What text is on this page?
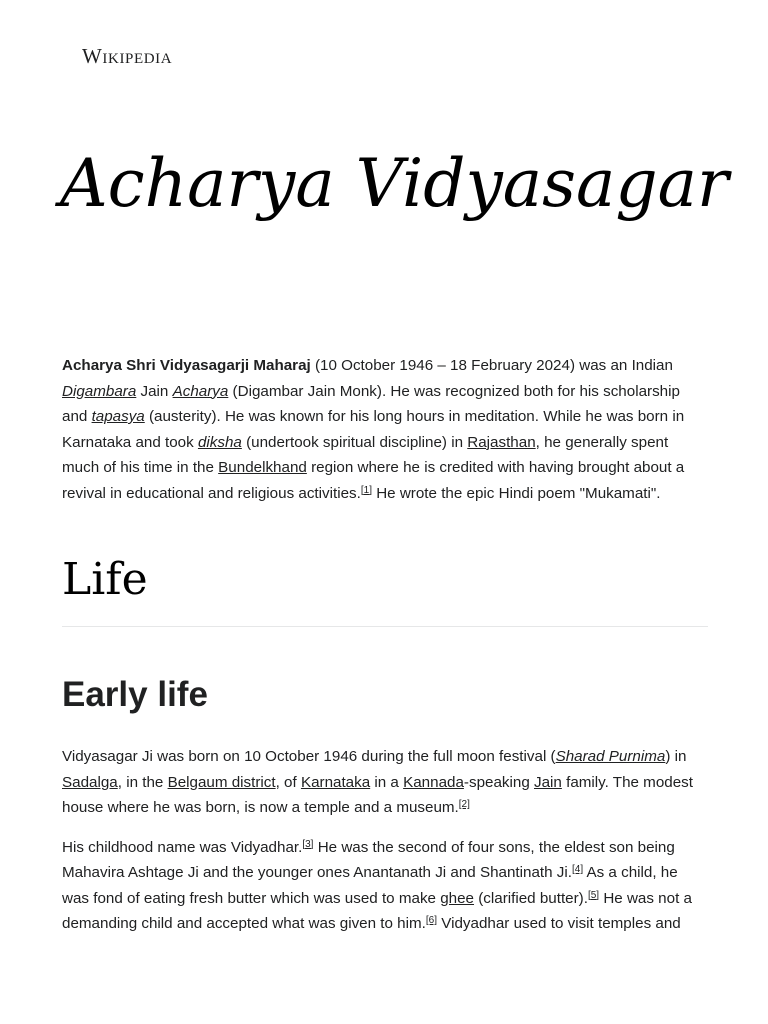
Wikipedia
Acharya Vidyasagar

Acharya Shri Vidyasagarji Maharaj (10 October 1946 – 18 February 2024) was an Indian Digambara Jain Acharya (Digambar Jain Monk). He was recognized both for his scholarship and tapasya (austerity). He was known for his long hours in meditation. While he was born in Karnataka and took diksha (undertook spiritual discipline) in Rajasthan, he generally spent much of his time in the Bundelkhand region where he is credited with having brought about a revival in educational and religious activities.[1] He wrote the epic Hindi poem "Mukamati".

Life
Early life

Vidyasagar Ji was born on 10 October 1946 during the full moon festival (Sharad Purnima) in Sadalga, in the Belgaum district, of Karnataka in a Kannada-speaking Jain family. The modest house where he was born, is now a temple and a museum.[2]

His childhood name was Vidyadhar.[3] He was the second of four sons, the eldest son being Mahavira Ashtage Ji and the younger ones Anantanath Ji and Shantinath Ji.[4] As a child, he was fond of eating fresh butter which was used to make ghee (clarified butter).[5] He was not a demanding child and accepted what was given to him.[6] Vidyadhar used to visit temples and
